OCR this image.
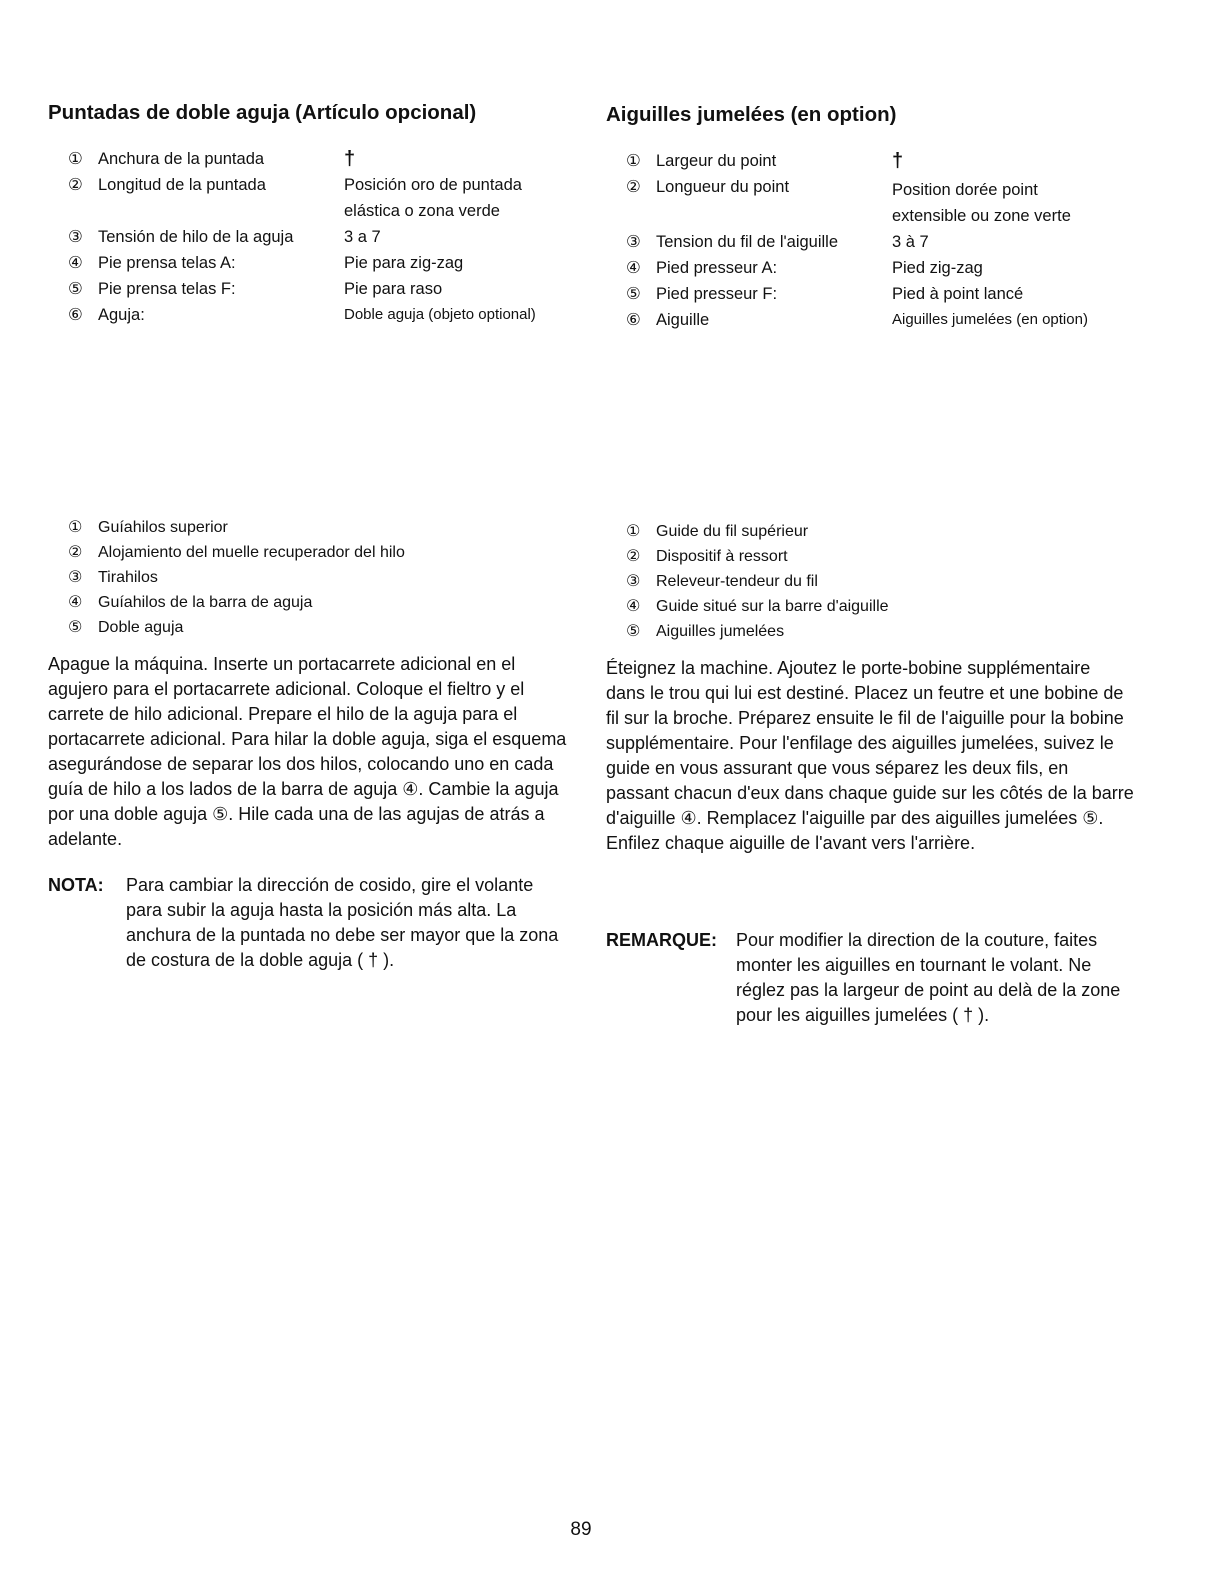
Puntadas de doble aguja (Artículo opcional)
① Anchura de la puntada	†
② Longitud de la puntada	Posición oro de puntada elástica o zona verde
③ Tensión de hilo de la aguja	3 a 7
④ Pie prensa telas A:	Pie para zig-zag
⑤ Pie prensa telas F:	Pie para raso
⑥ Aguja:	Doble aguja (objeto optional)
① Guíahilos superior
② Alojamiento del muelle recuperador del hilo
③ Tirahilos
④ Guíahilos de la barra de aguja
⑤ Doble aguja

Apague la máquina. Inserte un portacarrete adicional en el agujero para el portacarrete adicional. Coloque el fieltro y el carrete de hilo adicional. Prepare el hilo de la aguja para el portacarrete adicional. Para hilar la doble aguja, siga el esquema asegurándose de separar los dos hilos, colocando uno en cada guía de hilo a los lados de la barra de aguja ④. Cambie la aguja por una doble aguja ⑤. Hile cada una de las agujas de atrás a adelante.

NOTA:	Para cambiar la dirección de cosido, gire el volante para subir la aguja hasta la posición más alta. La anchura de la puntada no debe ser mayor que la zona de costura de la doble aguja ( † ).
Aiguilles jumelées (en option)
① Largeur du point	†
② Longueur du point	Position dorée point extensible ou zone verte
③ Tension du fil de l'aiguille	3 à 7
④ Pied presseur A:	Pied zig-zag
⑤ Pied presseur F:	Pied à point lancé
⑥ Aiguille	Aiguilles jumelées (en option)
① Guide du fil supérieur
② Dispositif à ressort
③ Releveur-tendeur du fil
④ Guide situé sur la barre d'aiguille
⑤ Aiguilles jumelées

Éteignez la machine. Ajoutez le porte-bobine supplémentaire dans le trou qui lui est destiné. Placez un feutre et une bobine de fil sur la broche. Préparez ensuite le fil de l'aiguille pour la bobine supplémentaire. Pour l'enfilage des aiguilles jumelées, suivez le guide en vous assurant que vous séparez les deux fils, en passant chacun d'eux dans chaque guide sur les côtés de la barre d'aiguille ④. Remplacez l'aiguille par des aiguilles jumelées ⑤. Enfilez chaque aiguille de l'avant vers l'arrière.

REMARQUE:	Pour modifier la direction de la couture, faites monter les aiguilles en tournant le volant. Ne réglez pas la largeur de point au delà de la zone pour les aiguilles jumelées ( † ).
89
